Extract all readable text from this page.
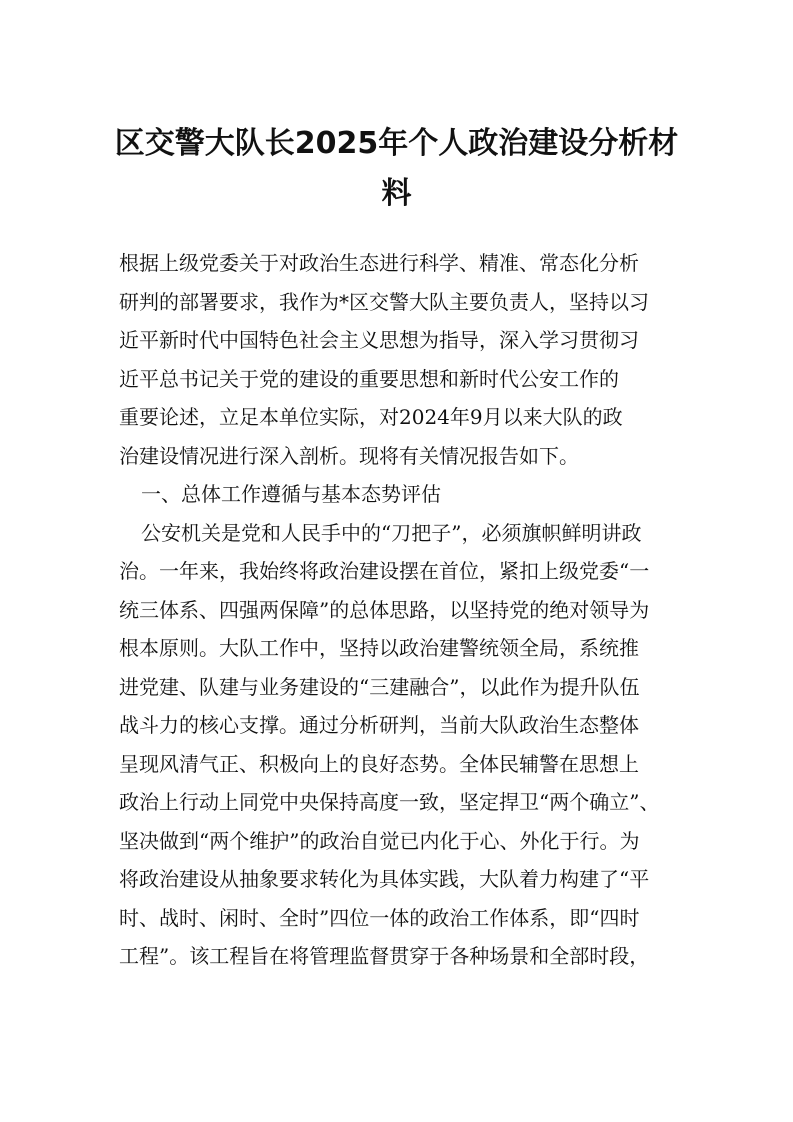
区交警大队长2025年个人政治建设分析材
料
根据上级党委关于对政治生态进行科学、精准、常态化分析
研判的部署要求，我作为*区交警大队主要负责人，坚持以习
近平新时代中国特色社会主义思想为指导，深入学习贯彻习
近平总书记关于党的建设的重要思想和新时代公安工作的
重要论述，立足本单位实际，对2024年9月以来大队的政
治建设情况进行深入剖析。现将有关情况报告如下。
一、总体工作遵循与基本态势评估
公安机关是党和人民手中的“刀把子”，必须旗帜鲜明讲政
治。一年来，我始终将政治建设摆在首位，紧扣上级党委“一
统三体系、四强两保障”的总体思路，以坚持党的绝对领导为
根本原则。大队工作中，坚持以政治建警统领全局，系统推
进党建、队建与业务建设的“三建融合”，以此作为提升队伍
战斗力的核心支撑。通过分析研判，当前大队政治生态整体
呈现风清气正、积极向上的良好态势。全体民辅警在思想上
政治上行动上同党中央保持高度一致，坚定捍卫“两个确立”、
坚决做到“两个维护”的政治自觉已内化于心、外化于行。为
将政治建设从抽象要求转化为具体实践，大队着力构建了“平
时、战时、闲时、全时”四位一体的政治工作体系，即“四时
工程”。该工程旨在将管理监督贯穿于各种场景和全部时段，
